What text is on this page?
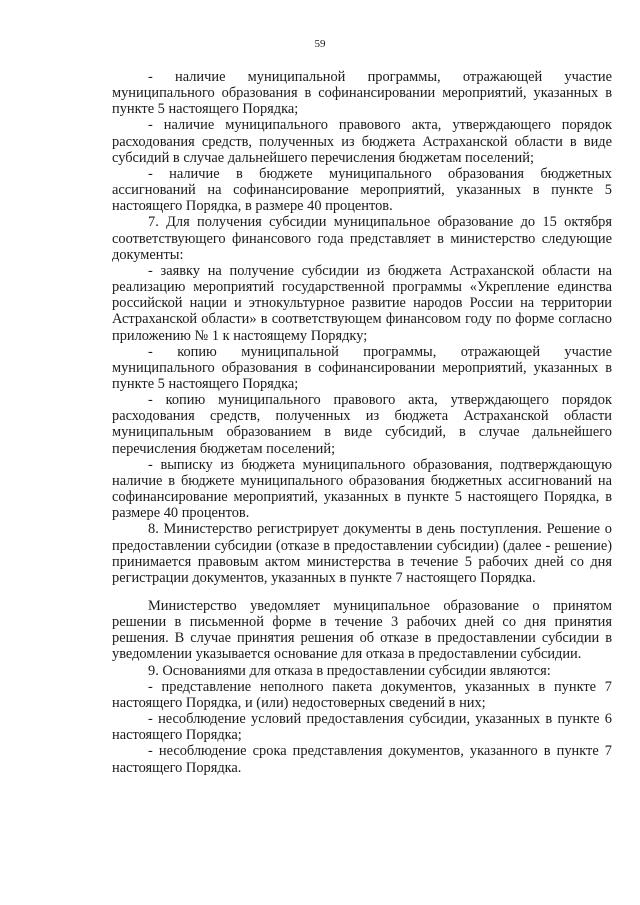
59

- наличие муниципальной программы, отражающей участие муниципального образования в софинансировании мероприятий, указанных в пункте 5 настоящего Порядка;

- наличие муниципального правового акта, утверждающего порядок расходования средств, полученных из бюджета Астраханской области в виде субсидий в случае дальнейшего перечисления бюджетам поселений;

- наличие в бюджете муниципального образования бюджетных ассигнований на софинансирование мероприятий, указанных в пункте 5 настоящего Порядка, в размере 40 процентов.

7. Для получения субсидии муниципальное образование до 15 октября соответствующего финансового года представляет в министерство следующие документы:

- заявку на получение субсидии из бюджета Астраханской области на реализацию мероприятий государственной программы «Укрепление единства российской нации и этнокультурное развитие народов России на территории Астраханской области» в соответствующем финансовом году по форме согласно приложению № 1 к настоящему Порядку;

- копию муниципальной программы, отражающей участие муниципального образования в софинансировании мероприятий, указанных в пункте 5 настоящего Порядка;

- копию муниципального правового акта, утверждающего порядок расходования средств, полученных из бюджета Астраханской области муниципальным образованием в виде субсидий, в случае дальнейшего перечисления бюджетам поселений;

- выписку из бюджета муниципального образования, подтверждающую наличие в бюджете муниципального образования бюджетных ассигнований на софинансирование мероприятий, указанных в пункте 5 настоящего Порядка, в размере 40 процентов.

8. Министерство регистрирует документы в день поступления. Решение о предоставлении субсидии (отказе в предоставлении субсидии) (далее - решение) принимается правовым актом министерства в течение 5 рабочих дней со дня регистрации документов, указанных в пункте 7 настоящего Порядка.

Министерство уведомляет муниципальное образование о принятом решении в письменной форме в течение 3 рабочих дней со дня принятия решения. В случае принятия решения об отказе в предоставлении субсидии в уведомлении указывается основание для отказа в предоставлении субсидии.

9. Основаниями для отказа в предоставлении субсидии являются:

- представление неполного пакета документов, указанных в пункте 7 настоящего Порядка, и (или) недостоверных сведений в них;

- несоблюдение условий предоставления субсидии, указанных в пункте 6 настоящего Порядка;

- несоблюдение срока представления документов, указанного в пункте 7 настоящего Порядка.
